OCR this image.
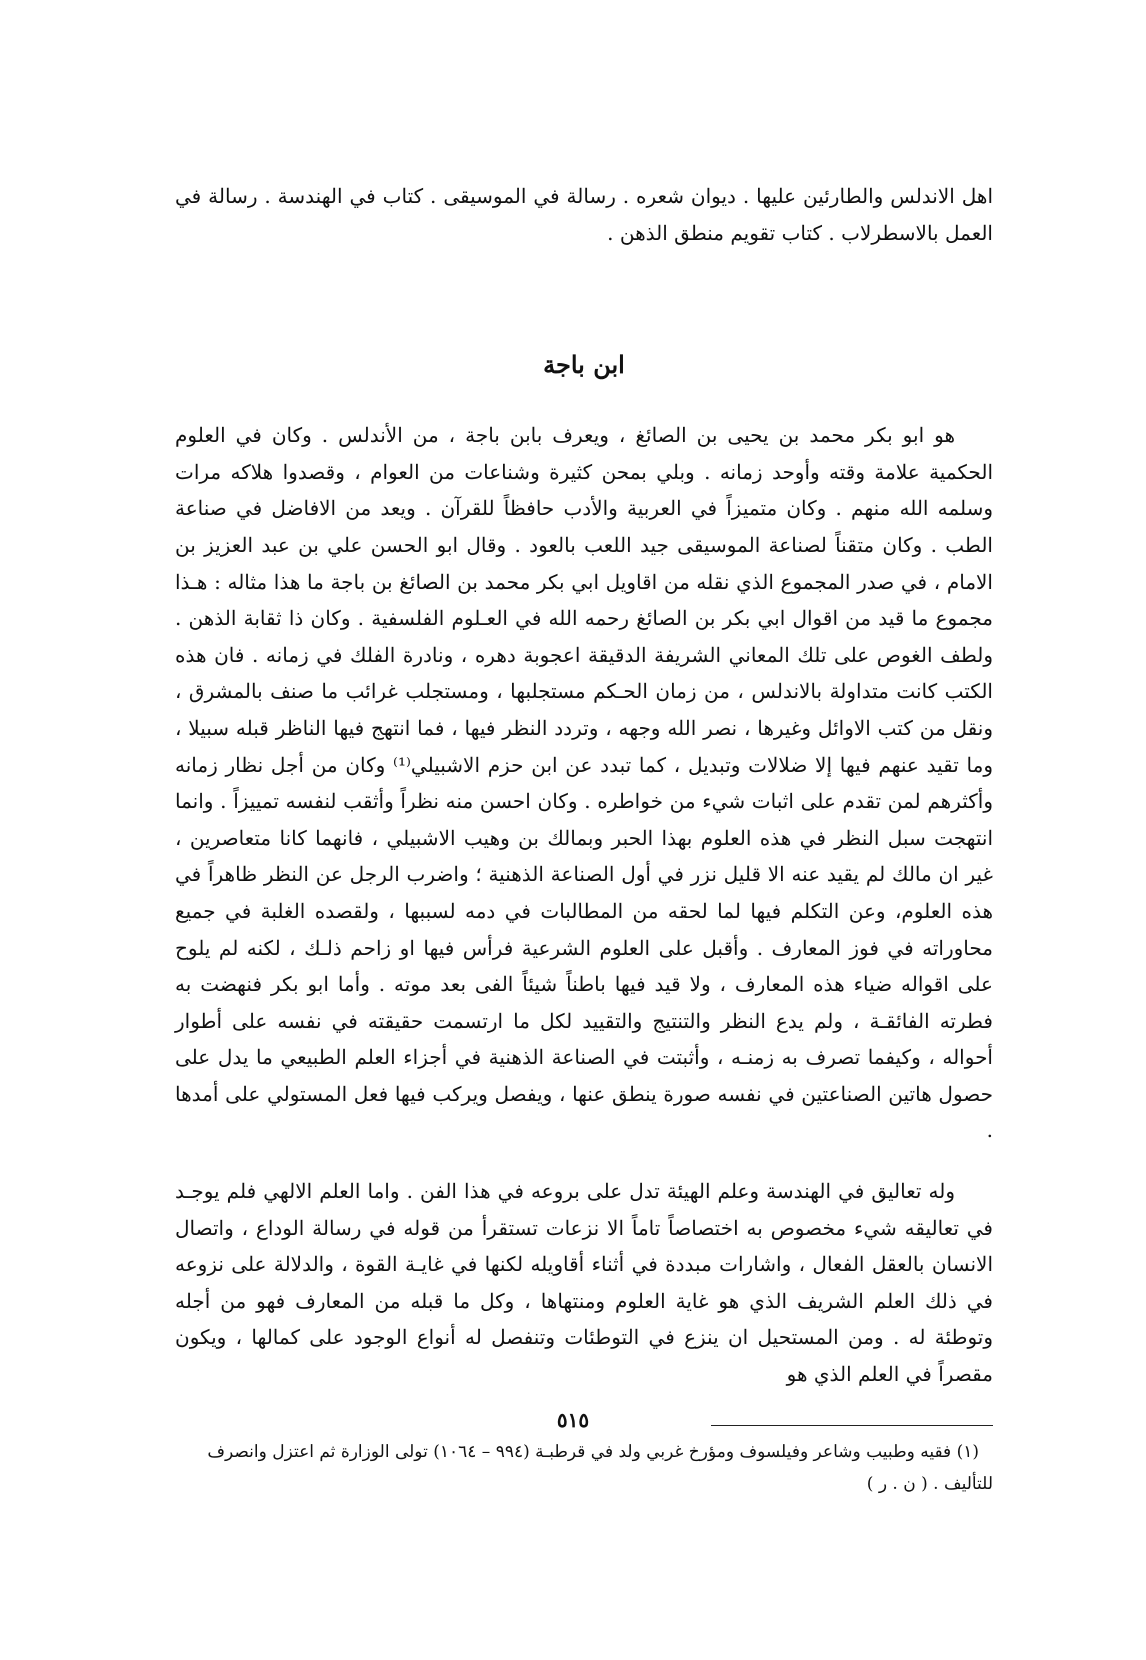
اهل الاندلس والطارئين عليها . ديوان شعره . رسالة في الموسيقى . كتاب في الهندسة . رسالة في العمل بالاسطرلاب . كتاب تقويم منطق الذهن .

ابن باجة

هو ابو بكر محمد بن يحيى بن الصائغ ، ويعرف بابن باجة ، من الأندلس . وكان في العلوم الحكمية علامة وقته وأوحد زمانه . وبلي بمحن كثيرة وشناعات من العوام ، وقصدوا هلاكه مرات وسلمه الله منهم . وكان متميزاً في العربية والأدب حافظاً للقرآن . ويعد من الافاضل في صناعة الطب . وكان متقناً لصناعة الموسيقى جيد اللعب بالعود . وقال ابو الحسن علي بن عبد العزيز بن الامام ، في صدر المجموع الذي نقله من اقاويل ابي بكر محمد بن الصائغ بن باجة ما هذا مثاله : هـذا مجموع ما قيد من اقوال ابي بكر بن الصائغ رحمه الله في العـلوم الفلسفية . وكان ذا ثقابة الذهن . ولطف الغوص على تلك المعاني الشريفة الدقيقة اعجوبة دهره ، ونادرة الفلك في زمانه . فان هذه الكتب كانت متداولة بالاندلس ، من زمان الحـكم مستجلبها ، ومستجلب غرائب ما صنف بالمشرق ، ونقل من كتب الاوائل وغيرها ، نصر الله وجهه ، وتردد النظر فيها ، فما انتهج فيها الناظر قبله سبيلا ، وما تقيد عنهم فيها إلا ضلالات وتبديل ، كما تبدد عن ابن حزم الاشبيلي⁽¹⁾ وكان من أجل نظار زمانه وأكثرهم لمن تقدم على اثبات شيء من خواطره . وكان احسن منه نظراً وأثقب لنفسه تمييزاً . وانما انتهجت سبل النظر في هذه العلوم بهذا الحبر وبمالك بن وهيب الاشبيلي ، فانهما كانا متعاصرين ، غير ان مالك لم يقيد عنه الا قليل نزر في أول الصناعة الذهنية ؛ واضرب الرجل عن النظر ظاهراً في هذه العلوم، وعن التكلم فيها لما لحقه من المطالبات في دمه لسببها ، ولقصده الغلبة في جميع محاوراته في فوز المعارف . وأقبل على العلوم الشرعية فرأس فيها او زاحم ذلـك ، لكنه لم يلوح على اقواله ضياء هذه المعارف ، ولا قيد فيها باطناً شيئاً الفى بعد موته . وأما ابو بكر فنهضت به فطرته الفائقـة ، ولم يدع النظر والتنتيج والتقييد لكل ما ارتسمت حقيقته في نفسه على أطوار أحواله ، وكيفما تصرف به زمنـه ، وأثبتت في الصناعة الذهنية في أجزاء العلم الطبيعي ما يدل على حصول هاتين الصناعتين في نفسه صورة ينطق عنها ، ويفصل ويركب فيها فعل المستولي على أمدها .

وله تعاليق في الهندسة وعلم الهيئة تدل على بروعه في هذا الفن . واما العلم الالهي فلم يوجـد في تعاليقه شيء مخصوص به اختصاصاً تاماً الا نزعات تستقرأ من قوله في رسالة الوداع ، واتصال الانسان بالعقل الفعال ، واشارات مبددة في أثناء أقاويله لكنها في غايـة القوة ، والدلالة على نزوعه في ذلك العلم الشريف الذي هو غاية العلوم ومنتهاها ، وكل ما قبله من المعارف فهو من أجله وتوطئة له . ومن المستحيل ان ينزع في التوطئات وتنفصل له أنواع الوجود على كمالها ، ويكون مقصراً في العلم الذي هو

(١) فقيه وطبيب وشاعر وفيلسوف ومؤرخ غربي ولد في قرطبـة (٩٩٤ – ١٠٦٤) تولى الوزارة ثم اعتزل وانصرف للتأليف . ( ن . ر )

٥١٥
